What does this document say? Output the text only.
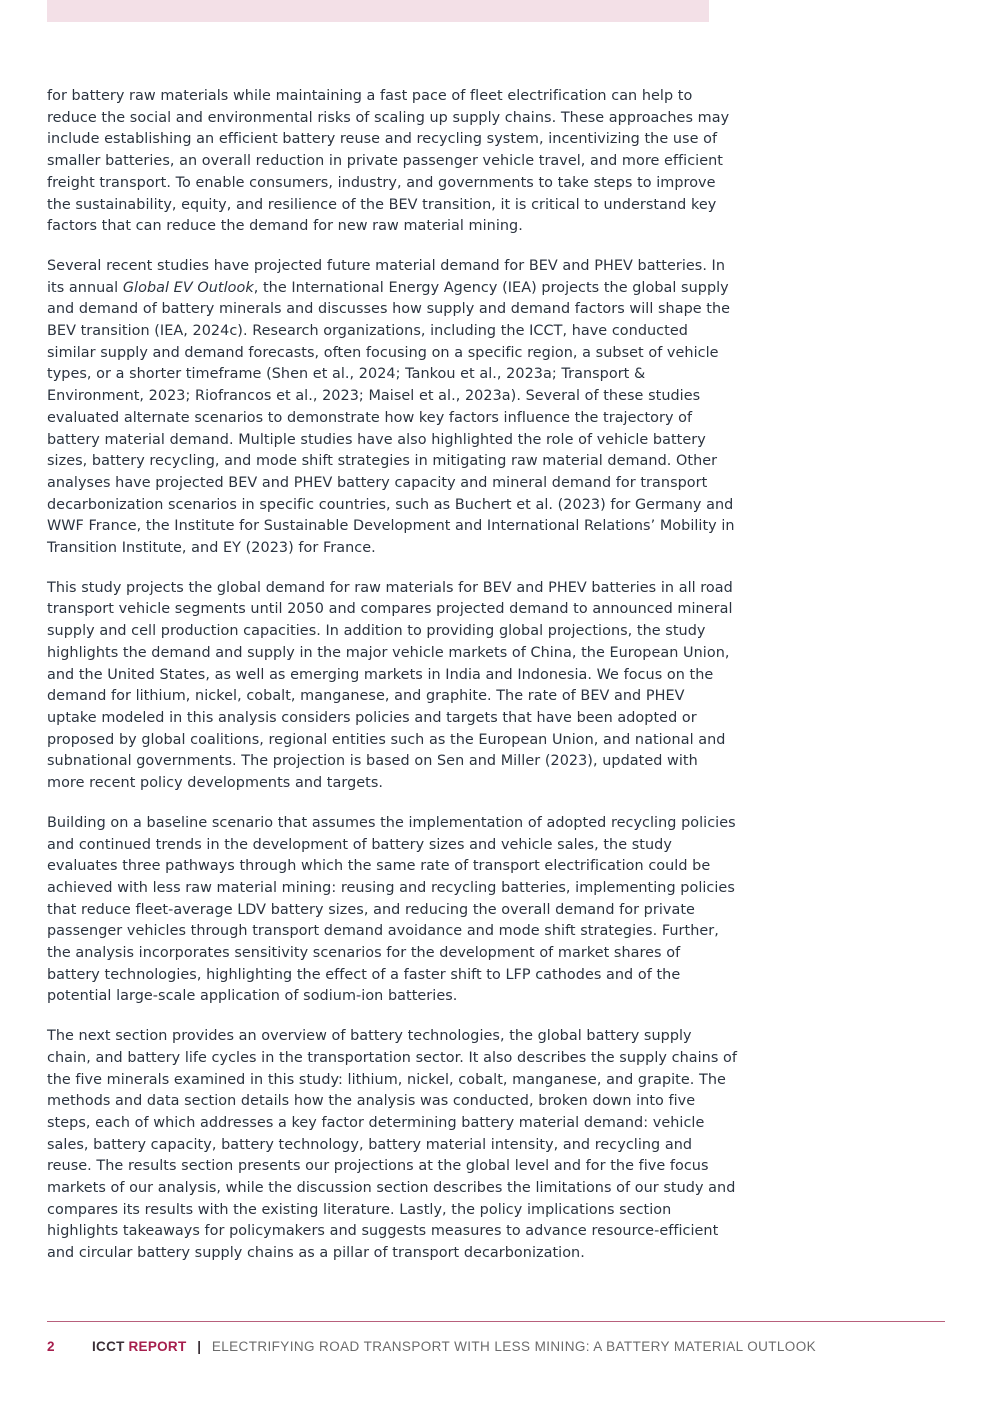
for battery raw materials while maintaining a fast pace of fleet electrification can help to reduce the social and environmental risks of scaling up supply chains. These approaches may include establishing an efficient battery reuse and recycling system, incentivizing the use of smaller batteries, an overall reduction in private passenger vehicle travel, and more efficient freight transport. To enable consumers, industry, and governments to take steps to improve the sustainability, equity, and resilience of the BEV transition, it is critical to understand key factors that can reduce the demand for new raw material mining.

Several recent studies have projected future material demand for BEV and PHEV batteries. In its annual Global EV Outlook, the International Energy Agency (IEA) projects the global supply and demand of battery minerals and discusses how supply and demand factors will shape the BEV transition (IEA, 2024c). Research organizations, including the ICCT, have conducted similar supply and demand forecasts, often focusing on a specific region, a subset of vehicle types, or a shorter timeframe (Shen et al., 2024; Tankou et al., 2023a; Transport & Environment, 2023; Riofrancos et al., 2023; Maisel et al., 2023a). Several of these studies evaluated alternate scenarios to demonstrate how key factors influence the trajectory of battery material demand. Multiple studies have also highlighted the role of vehicle battery sizes, battery recycling, and mode shift strategies in mitigating raw material demand. Other analyses have projected BEV and PHEV battery capacity and mineral demand for transport decarbonization scenarios in specific countries, such as Buchert et al. (2023) for Germany and WWF France, the Institute for Sustainable Development and International Relations’ Mobility in Transition Institute, and EY (2023) for France.

This study projects the global demand for raw materials for BEV and PHEV batteries in all road transport vehicle segments until 2050 and compares projected demand to announced mineral supply and cell production capacities. In addition to providing global projections, the study highlights the demand and supply in the major vehicle markets of China, the European Union, and the United States, as well as emerging markets in India and Indonesia. We focus on the demand for lithium, nickel, cobalt, manganese, and graphite. The rate of BEV and PHEV uptake modeled in this analysis considers policies and targets that have been adopted or proposed by global coalitions, regional entities such as the European Union, and national and subnational governments. The projection is based on Sen and Miller (2023), updated with more recent policy developments and targets.

Building on a baseline scenario that assumes the implementation of adopted recycling policies and continued trends in the development of battery sizes and vehicle sales, the study evaluates three pathways through which the same rate of transport electrification could be achieved with less raw material mining: reusing and recycling batteries, implementing policies that reduce fleet-average LDV battery sizes, and reducing the overall demand for private passenger vehicles through transport demand avoidance and mode shift strategies. Further, the analysis incorporates sensitivity scenarios for the development of market shares of battery technologies, highlighting the effect of a faster shift to LFP cathodes and of the potential large-scale application of sodium-ion batteries.

The next section provides an overview of battery technologies, the global battery supply chain, and battery life cycles in the transportation sector. It also describes the supply chains of the five minerals examined in this study: lithium, nickel, cobalt, manganese, and grapite. The methods and data section details how the analysis was conducted, broken down into five steps, each of which addresses a key factor determining battery material demand: vehicle sales, battery capacity, battery technology, battery material intensity, and recycling and reuse. The results section presents our projections at the global level and for the five focus markets of our analysis, while the discussion section describes the limitations of our study and compares its results with the existing literature. Lastly, the policy implications section highlights takeaways for policymakers and suggests measures to advance resource-efficient and circular battery supply chains as a pillar of transport decarbonization.

2	ICCT REPORT | ELECTRIFYING ROAD TRANSPORT WITH LESS MINING: A BATTERY MATERIAL OUTLOOK
